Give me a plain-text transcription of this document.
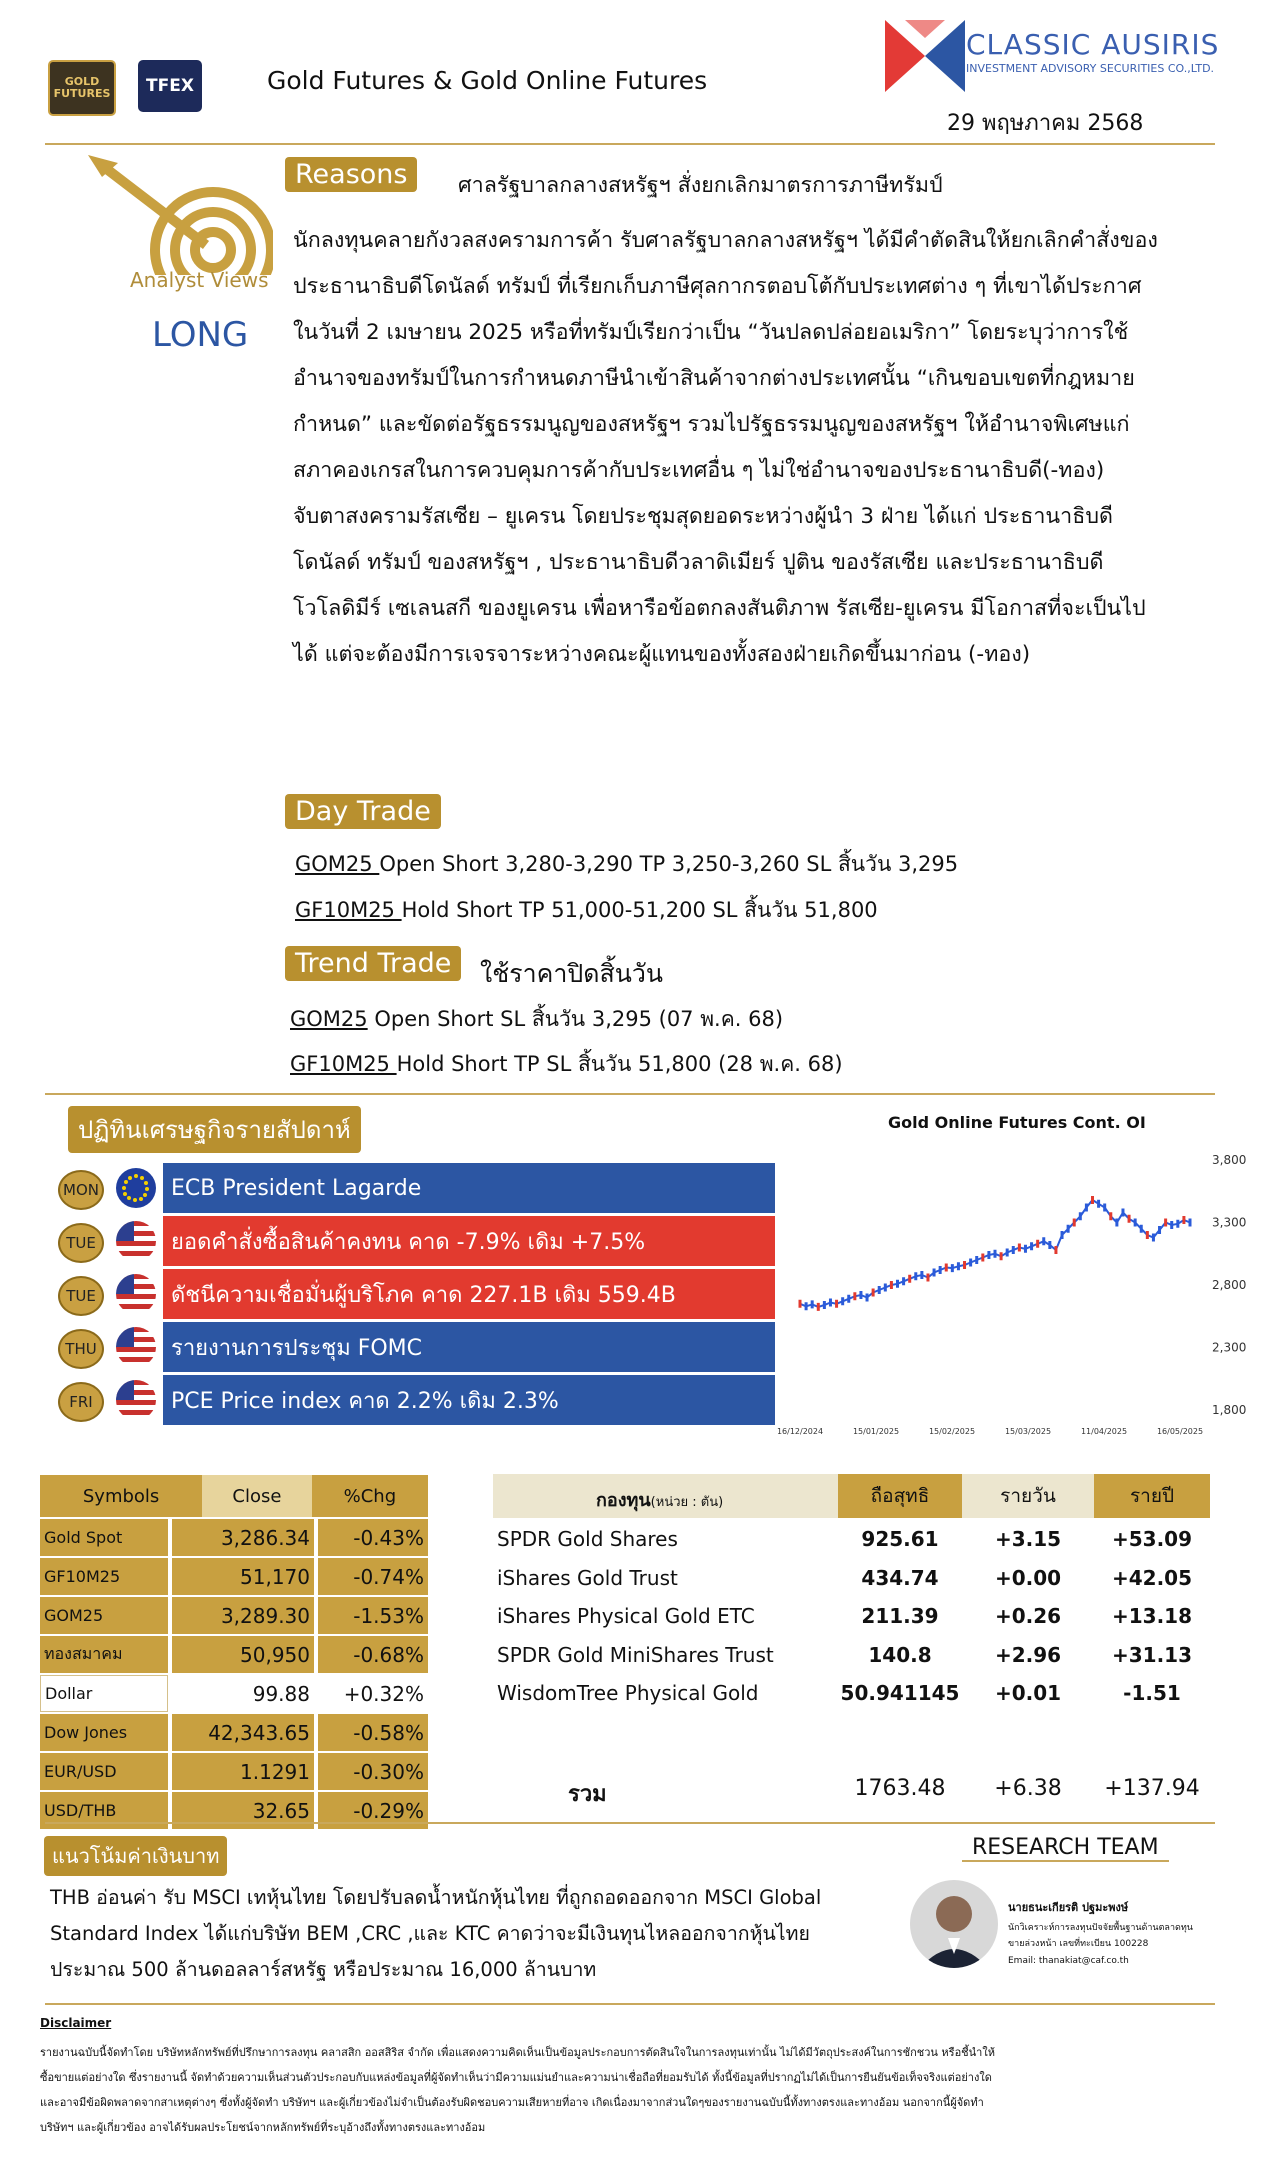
GOLD FUTURES TFEX	Gold Futures & Gold Online Futures
CLASSIC AUSIRIS
INVESTMENT ADVISORY SECURITIES CO.,LTD.
29 พฤษภาคม 2568
Analyst Views
LONG
Reasons	ศาลรัฐบาลกลางสหรัฐฯ สั่งยกเลิกมาตรการภาษีทรัมป์
นักลงทุนคลายกังวลสงครามการค้า รับศาลรัฐบาลกลางสหรัฐฯ ได้มีคำตัดสินให้ยกเลิกคำสั่งของ
ประธานาธิบดีโดนัลด์ ทรัมป์ ที่เรียกเก็บภาษีศุลกากรตอบโต้กับประเทศต่าง ๆ ที่เขาได้ประกาศ
ในวันที่ 2 เมษายน 2025 หรือที่ทรัมป์เรียกว่าเป็น “วันปลดปล่อยอเมริกา” โดยระบุว่าการใช้
อำนาจของทรัมป์ในการกำหนดภาษีนำเข้าสินค้าจากต่างประเทศนั้น “เกินขอบเขตที่กฎหมาย
กำหนด” และขัดต่อรัฐธรรมนูญของสหรัฐฯ รวมไปรัฐธรรมนูญของสหรัฐฯ ให้อำนาจพิเศษแก่
สภาคองเกรสในการควบคุมการค้ากับประเทศอื่น ๆ ไม่ใช่อำนาจของประธานาธิบดี(-ทอง)
จับตาสงครามรัสเซีย – ยูเครน โดยประชุมสุดยอดระหว่างผู้นำ 3 ฝ่าย ได้แก่ ประธานาธิบดี
โดนัลด์ ทรัมป์ ของสหรัฐฯ , ประธานาธิบดีวลาดิเมียร์ ปูติน ของรัสเซีย และประธานาธิบดี
โวโลดิมีร์ เซเลนสกี ของยูเครน เพื่อหารือข้อตกลงสันติภาพ รัสเซีย-ยูเครน มีโอกาสที่จะเป็นไป
ได้ แต่จะต้องมีการเจรจาระหว่างคณะผู้แทนของทั้งสองฝ่ายเกิดขึ้นมาก่อน (-ทอง)
Day Trade
GOM25 Open Short 3,280-3,290 TP 3,250-3,260 SL สิ้นวัน 3,295
GF10M25 Hold Short TP 51,000-51,200 SL สิ้นวัน 51,800
Trend Trade	ใช้ราคาปิดสิ้นวัน
GOM25 Open Short SL สิ้นวัน 3,295 (07 พ.ค. 68)
GF10M25 Hold Short TP SL สิ้นวัน 51,800 (28 พ.ค. 68)
ปฏิทินเศรษฐกิจรายสัปดาห์
MON	ECB President Lagarde
TUE	ยอดคำสั่งซื้อสินค้าคงทน คาด -7.9% เดิม +7.5%
TUE	ดัชนีความเชื่อมั่นผู้บริโภค คาด 227.1B เดิม 559.4B
THU	รายงานการประชุม FOMC
FRI	PCE Price index คาด 2.2% เดิม 2.3%
Gold Online Futures Cont. OI
3,800
3,300
2,800
2,300
1,800
16/12/2024	15/01/2025	15/02/2025	15/03/2025	11/04/2025	16/05/2025
Symbols	Close	%Chg
Gold Spot	3,286.34	-0.43%
GF10M25	51,170	-0.74%
GOM25	3,289.30	-1.53%
ทองสมาคม	50,950	-0.68%
Dollar	99.88	+0.32%
Dow Jones	42,343.65	-0.58%
EUR/USD	1.1291	-0.30%
USD/THB	32.65	-0.29%
กองทุน(หน่วย : ตัน)	ถือสุทธิ	รายวัน	รายปี
SPDR Gold Shares	925.61	+3.15	+53.09
iShares Gold Trust	434.74	+0.00	+42.05
iShares Physical Gold ETC	211.39	+0.26	+13.18
SPDR Gold MiniShares Trust	140.8	+2.96	+31.13
WisdomTree Physical Gold	50.941145	+0.01	-1.51
รวม	1763.48	+6.38	+137.94
แนวโน้มค่าเงินบาท
THB อ่อนค่า รับ MSCI เทหุ้นไทย โดยปรับลดน้ำหนักหุ้นไทย ที่ถูกถอดออกจาก MSCI Global
Standard Index ได้แก่บริษัท BEM ,CRC ,และ KTC คาดว่าจะมีเงินทุนไหลออกจากหุ้นไทย
ประมาณ 500 ล้านดอลลาร์สหรัฐ หรือประมาณ 16,000 ล้านบาท
RESEARCH TEAM
นายธนะเกียรติ ปฐมะพงษ์
นักวิเคราะห์การลงทุนปัจจัยพื้นฐานด้านตลาดทุน
ขายล่วงหน้า เลขที่ทะเบียน 100228
Email: thanakiat@caf.co.th
Disclaimer
รายงานฉบับนี้จัดทำโดย บริษัทหลักทรัพย์ที่ปรึกษาการลงทุน คลาสสิก ออสสิริส จำกัด เพื่อแสดงความคิดเห็นเป็นข้อมูลประกอบการตัดสินใจในการลงทุนเท่านั้น ไม่ได้มีวัตถุประสงค์ในการชักชวน หรือชี้นำให้
ซื้อขายแต่อย่างใด ซึ่งรายงานนี้ จัดทำด้วยความเห็นส่วนตัวประกอบกับแหล่งข้อมูลที่ผู้จัดทำเห็นว่ามีความแม่นยำและความน่าเชื่อถือที่ยอมรับได้ ทั้งนี้ข้อมูลที่ปรากฏไม่ได้เป็นการยืนยันข้อเท็จจริงแต่อย่างใด
และอาจมีข้อผิดพลาดจากสาเหตุต่างๆ ซึ่งทั้งผู้จัดทำ บริษัทฯ และผู้เกี่ยวข้องไม่จำเป็นต้องรับผิดชอบความเสียหายที่อาจ เกิดเนื่องมาจากส่วนใดๆของรายงานฉบับนี้ทั้งทางตรงและทางอ้อม นอกจากนี้ผู้จัดทำ
บริษัทฯ และผู้เกี่ยวข้อง อาจได้รับผลประโยชน์จากหลักทรัพย์ที่ระบุอ้างถึงทั้งทางตรงและทางอ้อม
